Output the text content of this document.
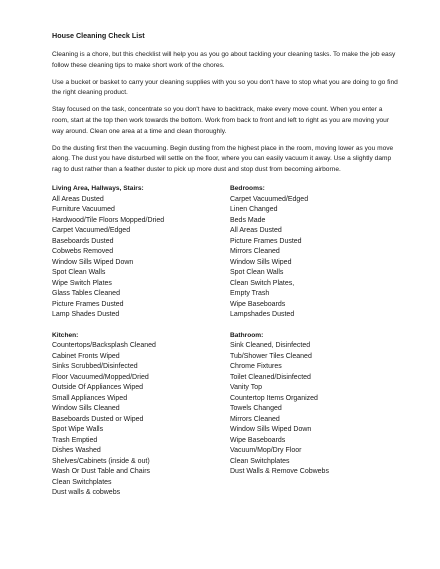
House Cleaning Check List

Cleaning is a chore, but this checklist will help you as you go about tackling your cleaning tasks. To make the job easy follow these cleaning tips to make short work of the chores.

Use a bucket or basket to carry your cleaning supplies with you so you don't have to stop what you are doing to go find the right cleaning product.

Stay focused on the task, concentrate so you don't have to backtrack, make every move count. When you enter a room, start at the top then work towards the bottom. Work from back to front and left to right as you are moving your way around. Clean one area at a time and clean thoroughly.

Do the dusting first then the vacuuming. Begin dusting from the highest place in the room, moving lower as you move along. The dust you have disturbed will settle on the floor, where you can easily vacuum it away. Use a slightly damp rag to dust rather than a feather duster to pick up more dust and stop dust from becoming airborne.

Living Area, Hallways, Stairs:
All Areas Dusted
Furniture Vacuumed
Hardwood/Tile Floors Mopped/Dried
Carpet Vacuumed/Edged
Baseboards Dusted
Cobwebs Removed
Window Sills Wiped Down
Spot Clean Walls
Wipe Switch Plates
Glass Tables Cleaned
Picture Frames Dusted
Lamp Shades Dusted
Kitchen:
Countertops/Backsplash Cleaned
Cabinet Fronts Wiped
Sinks Scrubbed/Disinfected
Floor Vacuumed/Mopped/Dried
Outside Of Appliances Wiped
Small Appliances Wiped
Window Sills Cleaned
Baseboards Dusted or Wiped
Spot Wipe Walls
Trash Emptied
Dishes Washed
Shelves/Cabinets (inside & out)
Wash Or Dust Table and Chairs
Clean Switchplates
Dust walls & cobwebs
Bedrooms:
Carpet Vacuumed/Edged
Linen Changed
Beds Made
All Areas Dusted
Picture Frames Dusted
Mirrors Cleaned
Window Sills Wiped
Spot Clean Walls
Clean Switch Plates,
Empty Trash
Wipe Baseboards
Lampshades Dusted
Bathroom:
Sink Cleaned, Disinfected
Tub/Shower Tiles Cleaned
Chrome Fixtures
Toilet Cleaned/Disinfected
Vanity Top
Countertop Items Organized
Towels Changed
Mirrors Cleaned
Window Sills Wiped Down
Wipe Baseboards
Vacuum/Mop/Dry Floor
Clean Switchplates
Dust Walls & Remove Cobwebs
